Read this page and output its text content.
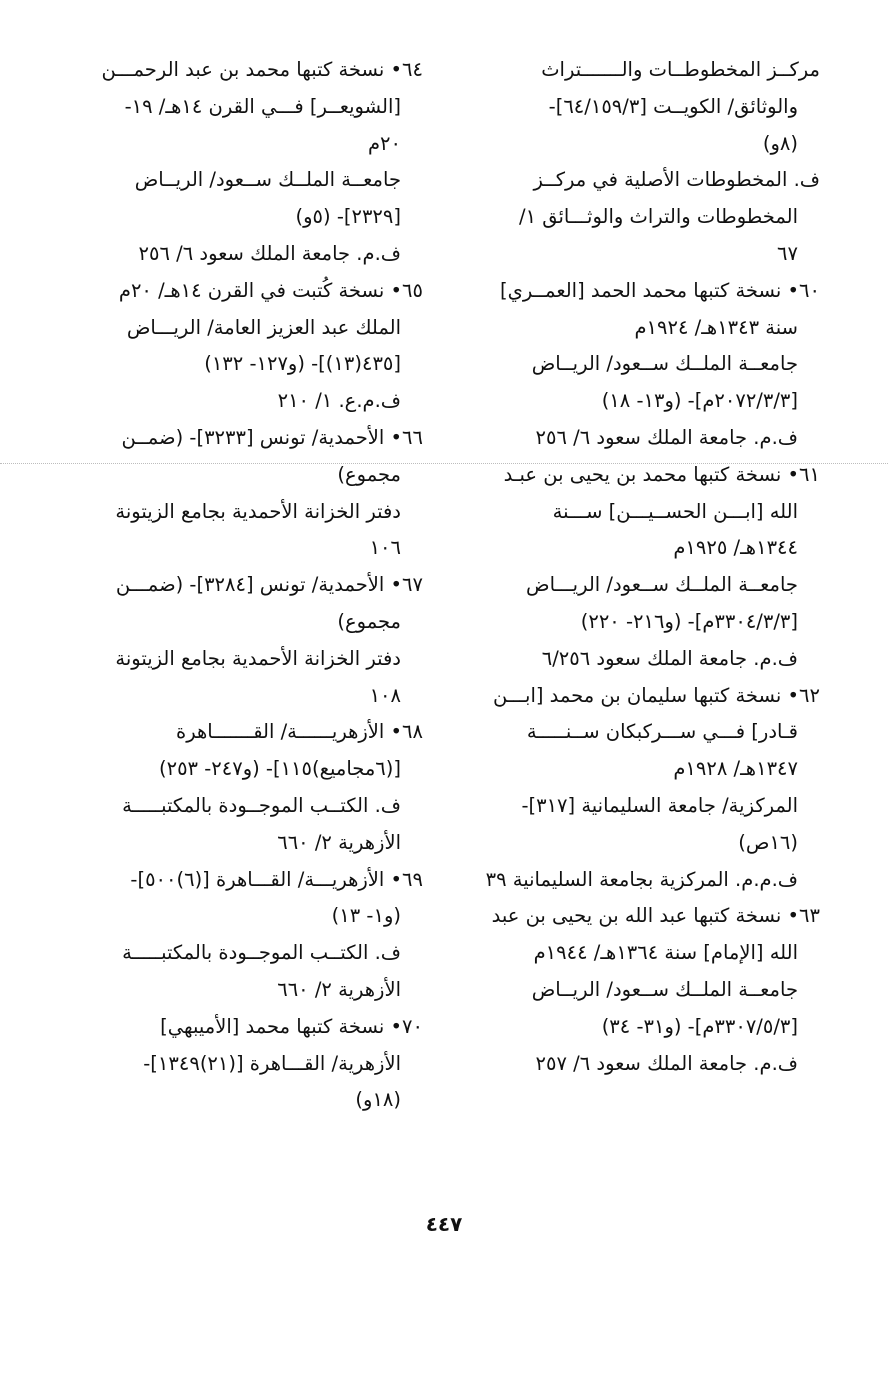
مركــز المخطوطــات والـــــــتراث
والوثائق/ الكويــت [٦٤/١٥٩/٣]-
(٨و)
ف. المخطوطات الأصلية في مركــز
المخطوطات والتراث والوثـــائق ١/
٦٧
٦٠• نسخة كتبها محمد الحمد [العمــري]
سنة ١٣٤٣هـ/ ١٩٢٤م
جامعــة الملــك ســعود/ الريــاض
[٢٠٧٢/٣/٣م]- (و١٣- ١٨)
ف.م. جامعة الملك سعود ٦/ ٢٥٦
٦١• نسخة كتبها محمد بن يحيى بن عبـد
الله [ابـــن الحســيـــن] ســـنة
١٣٤٤هـ/ ١٩٢٥م
جامعــة الملــك ســعود/ الريـــاض
[٣٣٠٤/٣/٣م]- (و٢١٦- ٢٢٠)
ف.م. جامعة الملك سعود ٦/٢٥٦
٦٢• نسخة كتبها سليمان بن محمد [ابـــن
قـادر] فـــي ســـركبكان ســنـــــة
١٣٤٧هـ/ ١٩٢٨م
المركزية/ جامعة السليمانية [٣١٧]-
(١٦ص)
ف.م.م. المركزية بجامعة السليمانية ٣٩
٦٣• نسخة كتبها عبد الله بن يحيى بن عبد
الله [الإمام] سنة ١٣٦٤هـ/ ١٩٤٤م
جامعــة الملــك ســعود/ الريــاض
[٣٣٠٧/٥/٣م]- (و٣١- ٣٤)
ف.م. جامعة الملك سعود ٦/ ٢٥٧
٦٤• نسخة كتبها محمد بن عبد الرحمـــن
[الشويعــر] فـــي القرن ١٤هـ/ ١٩-
٢٠م
جامعــة الملــك ســعود/ الريــاض
[٢٣٢٩]- (٥و)
ف.م. جامعة الملك سعود ٦/ ٢٥٦
٦٥• نسخة كُتبت في القرن ١٤هـ/ ٢٠م
الملك عبد العزيز العامة/ الريـــاض
[٤٣٥(١٣)]- (و١٢٧- ١٣٢)
ف.م.ع. ١/ ٢١٠
٦٦• الأحمدية/ تونس [٣٢٣٣]- (ضمــن
مجموع)
دفتر الخزانة الأحمدية بجامع الزيتونة
١٠٦
٦٧• الأحمدية/ تونس [٣٢٨٤]- (ضمـــن
مجموع)
دفتر الخزانة الأحمدية بجامع الزيتونة
١٠٨
٦٨• الأزهريــــــة/ القـــــــاهرة
[(٦مجاميع)١١٥]- (و٢٤٧- ٢٥٣)
ف. الكتــب الموجــودة بالمكتبـــــة
الأزهرية ٢/ ٦٦٠
٦٩• الأزهريـــة/ القـــاهرة [(٦)٥٠٠]-
(و١- ١٣)
ف. الكتــب الموجــودة بالمكتبـــــة
الأزهرية ٢/ ٦٦٠
٧٠• نسخة كتبها محمد [الأميبهي]
الأزهرية/ القـــاهرة [(٢١)١٣٤٩]-
(١٨و)
٤٤٧
